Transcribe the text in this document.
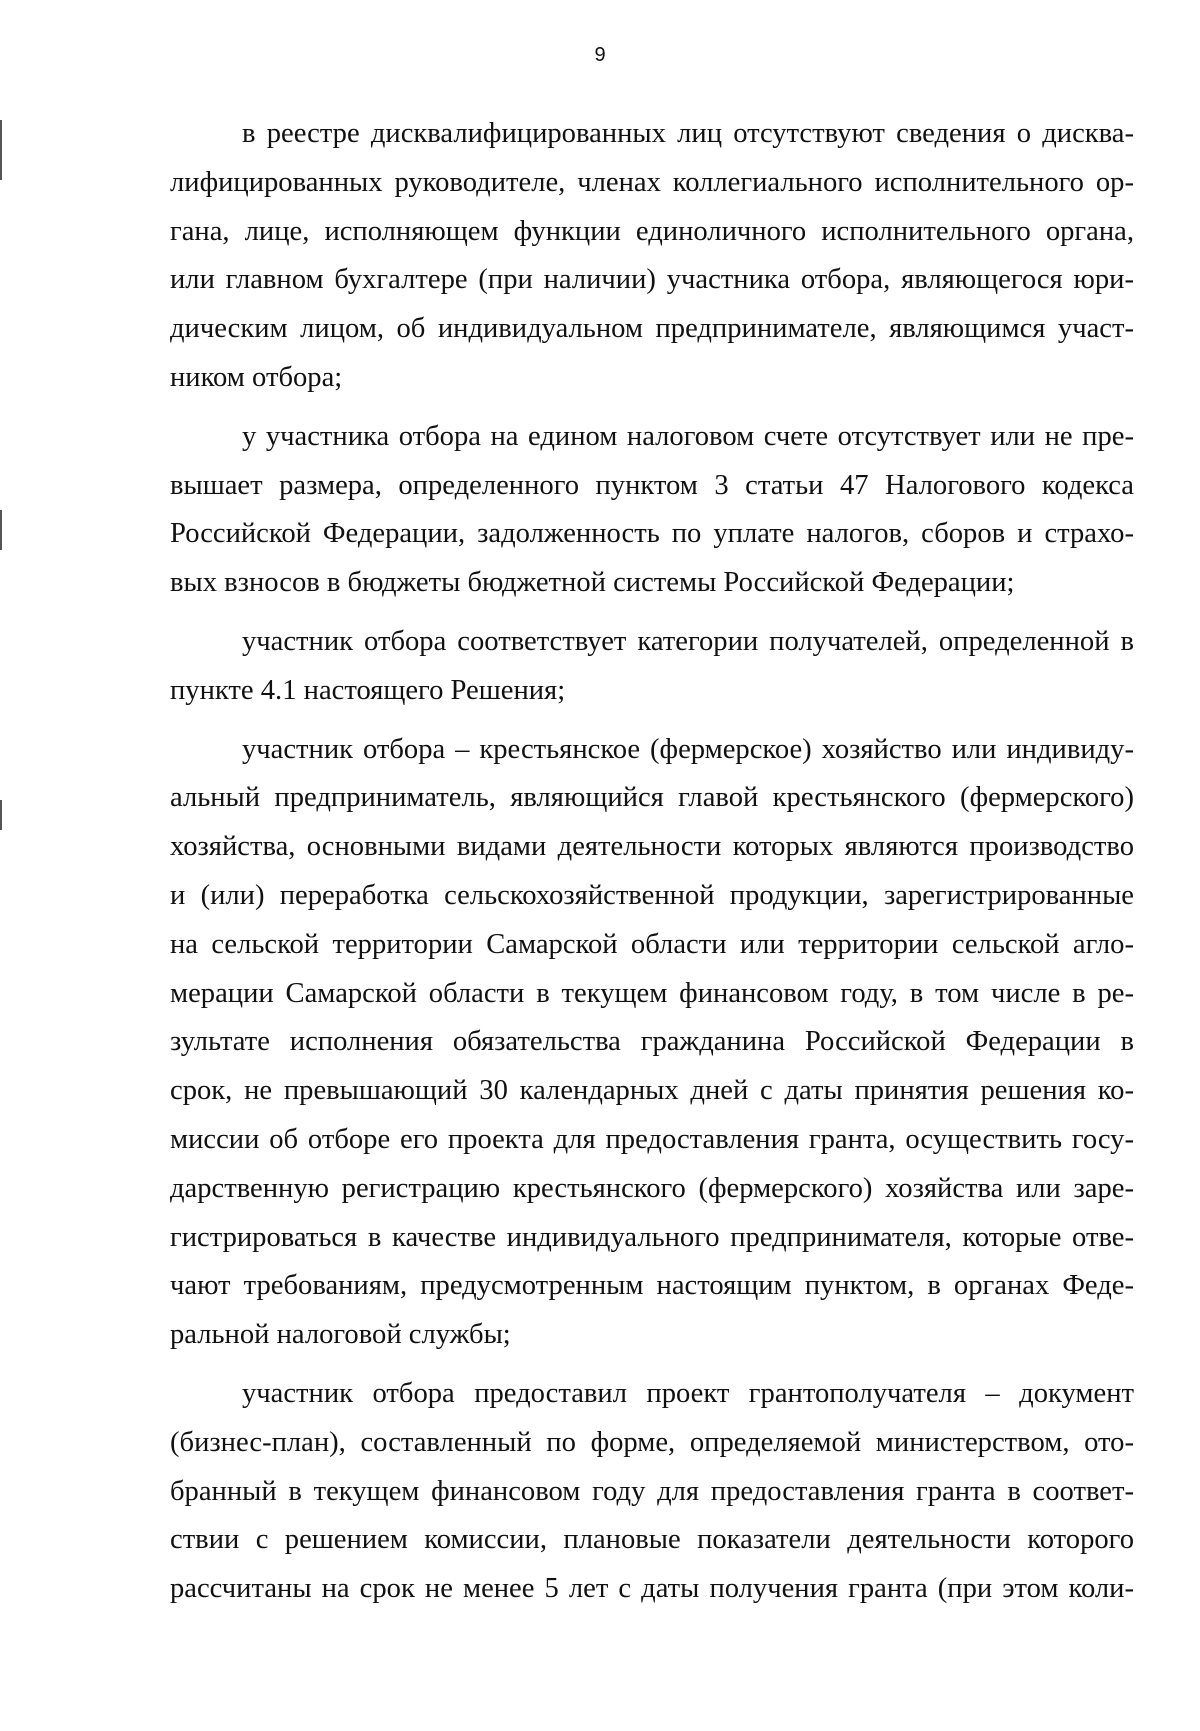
9
в реестре дисквалифицированных лиц отсутствуют сведения о дисква-
лифицированных руководителе, членах коллегиального исполнительного ор-
гана, лице, исполняющем функции единоличного исполнительного органа,
или главном бухгалтере (при наличии) участника отбора, являющегося юри-
дическим лицом, об индивидуальном предпринимателе, являющимся участ-
ником отбора;
у участника отбора на едином налоговом счете отсутствует или не пре-
вышает размера, определенного пунктом 3 статьи 47 Налогового кодекса
Российской Федерации, задолженность по уплате налогов, сборов и страхо-
вых взносов в бюджеты бюджетной системы Российской Федерации;
участник отбора соответствует категории получателей, определенной в
пункте 4.1 настоящего Решения;
участник отбора – крестьянское (фермерское) хозяйство или индивиду-
альный предприниматель, являющийся главой крестьянского (фермерского)
хозяйства, основными видами деятельности которых являются производство
и (или) переработка сельскохозяйственной продукции, зарегистрированные
на сельской территории Самарской области или территории сельской агло-
мерации Самарской области в текущем финансовом году, в том числе в ре-
зультате исполнения обязательства гражданина Российской Федерации в
срок, не превышающий 30 календарных дней с даты принятия решения ко-
миссии об отборе его проекта для предоставления гранта, осуществить госу-
дарственную регистрацию крестьянского (фермерского) хозяйства или заре-
гистрироваться в качестве индивидуального предпринимателя, которые отве-
чают требованиям, предусмотренным настоящим пунктом, в органах Феде-
ральной налоговой службы;
участник отбора предоставил проект грантополучателя – документ
(бизнес-план), составленный по форме, определяемой министерством, ото-
бранный в текущем финансовом году для предоставления гранта в соответ-
ствии с решением комиссии, плановые показатели деятельности которого
рассчитаны на срок не менее 5 лет с даты получения гранта (при этом коли-
